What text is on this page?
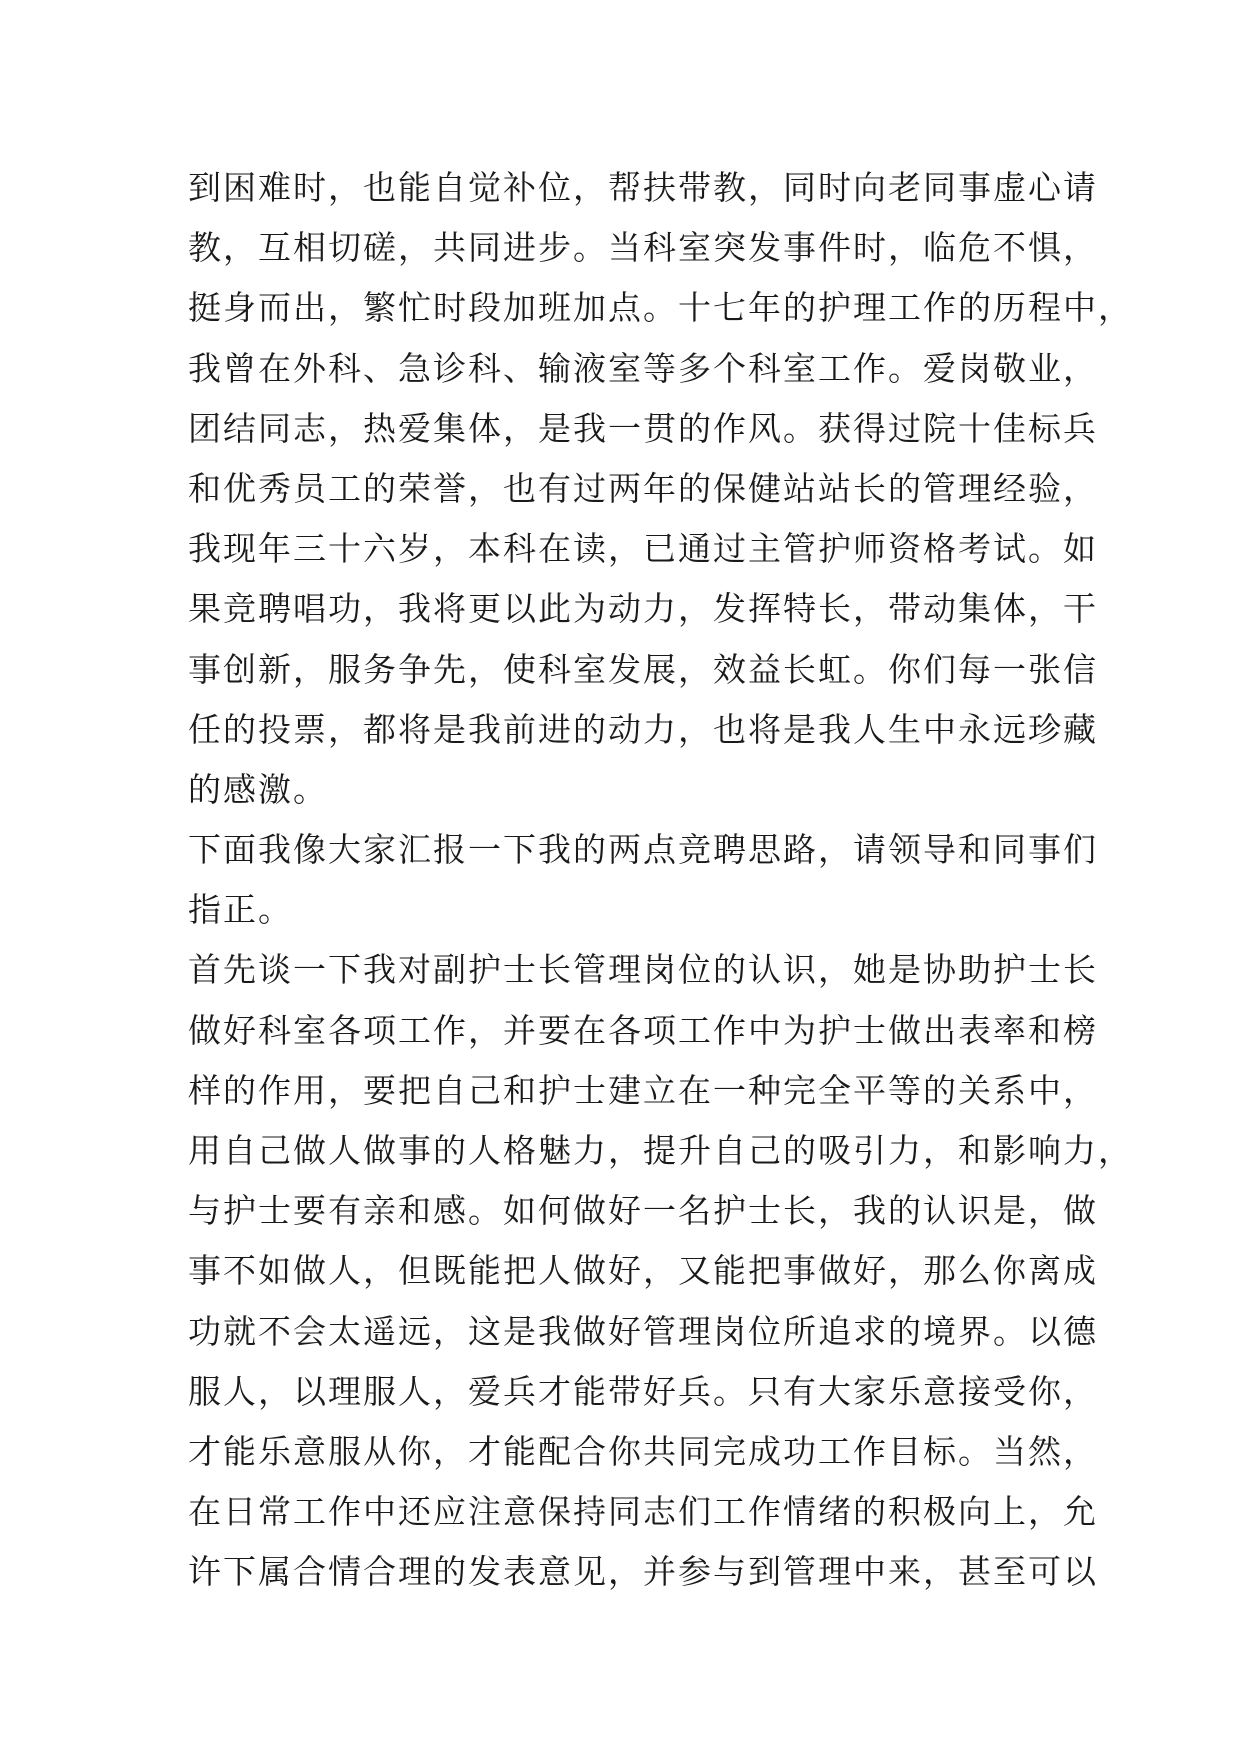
到困难时，也能自觉补位，帮扶带教，同时向老同事虚心请
教，互相切磋，共同进步。当科室突发事件时，临危不惧，
挺身而出，繁忙时段加班加点。十七年的护理工作的历程中，
我曾在外科、急诊科、输液室等多个科室工作。爱岗敬业，
团结同志，热爱集体，是我一贯的作风。获得过院十佳标兵
和优秀员工的荣誉，也有过两年的保健站站长的管理经验，
我现年三十六岁，本科在读，已通过主管护师资格考试。如
果竞聘唱功，我将更以此为动力，发挥特长，带动集体，干
事创新，服务争先，使科室发展，效益长虹。你们每一张信
任的投票，都将是我前进的动力，也将是我人生中永远珍藏
的感激。
下面我像大家汇报一下我的两点竞聘思路，请领导和同事们
指正。
首先谈一下我对副护士长管理岗位的认识，她是协助护士长
做好科室各项工作，并要在各项工作中为护士做出表率和榜
样的作用，要把自己和护士建立在一种完全平等的关系中，
用自己做人做事的人格魅力，提升自己的吸引力，和影响力，
与护士要有亲和感。如何做好一名护士长，我的认识是，做
事不如做人，但既能把人做好，又能把事做好，那么你离成
功就不会太遥远，这是我做好管理岗位所追求的境界。以德
服人，以理服人，爱兵才能带好兵。只有大家乐意接受你，
才能乐意服从你，才能配合你共同完成功工作目标。当然，
在日常工作中还应注意保持同志们工作情绪的积极向上，允
许下属合情合理的发表意见，并参与到管理中来，甚至可以
